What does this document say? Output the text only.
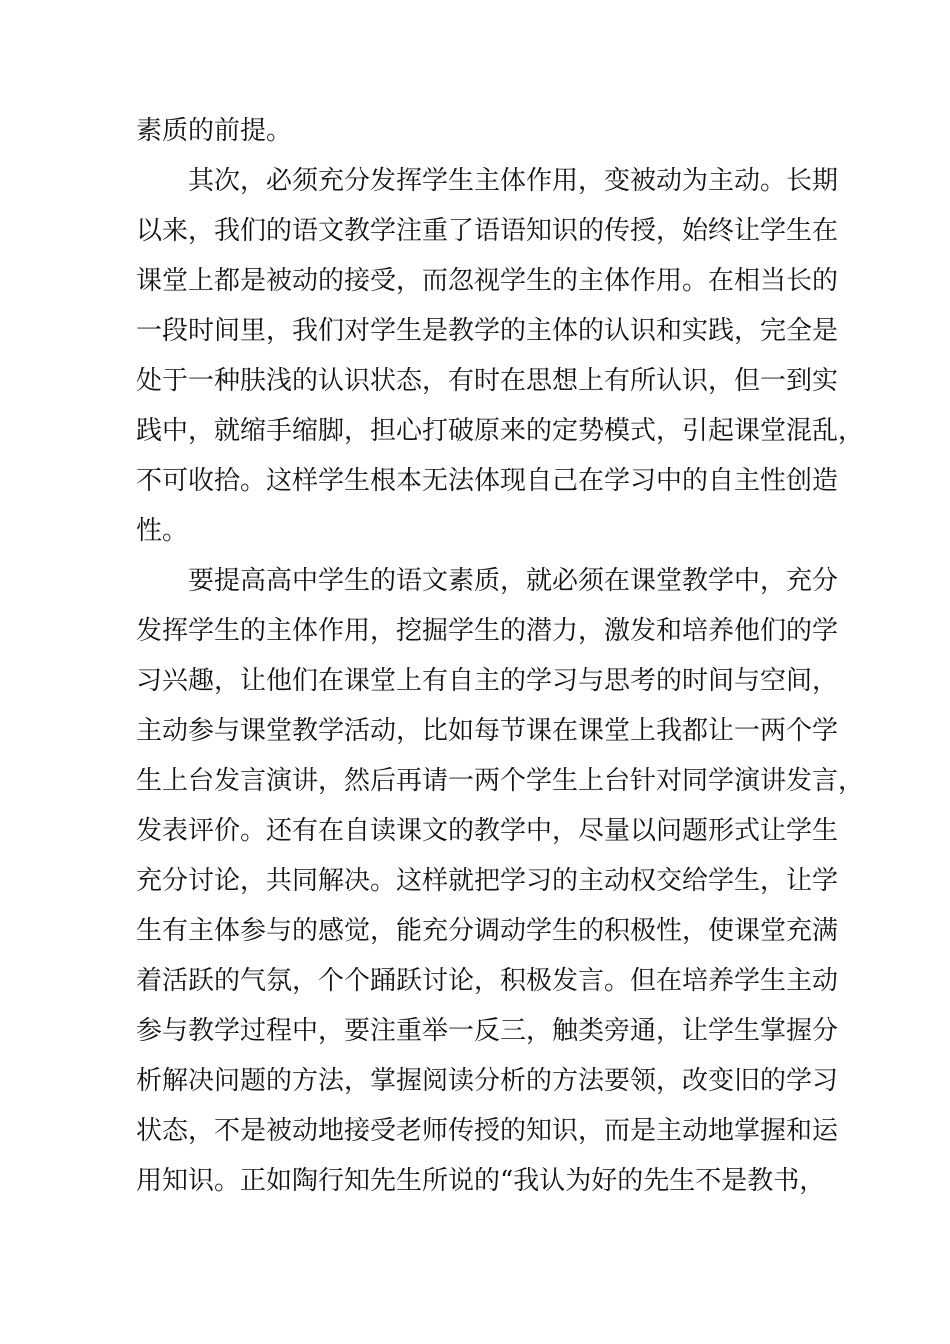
素质的前提。
其次，必须充分发挥学生主体作用，变被动为主动。长期
以来，我们的语文教学注重了语语知识的传授，始终让学生在
课堂上都是被动的接受，而忽视学生的主体作用。在相当长的
一段时间里，我们对学生是教学的主体的认识和实践，完全是
处于一种肤浅的认识状态，有时在思想上有所认识，但一到实
践中，就缩手缩脚，担心打破原来的定势模式，引起课堂混乱，
不可收拾。这样学生根本无法体现自己在学习中的自主性创造
性。
要提高高中学生的语文素质，就必须在课堂教学中，充分
发挥学生的主体作用，挖掘学生的潜力，激发和培养他们的学
习兴趣，让他们在课堂上有自主的学习与思考的时间与空间，
主动参与课堂教学活动，比如每节课在课堂上我都让一两个学
生上台发言演讲，然后再请一两个学生上台针对同学演讲发言，
发表评价。还有在自读课文的教学中，尽量以问题形式让学生
充分讨论，共同解决。这样就把学习的主动权交给学生，让学
生有主体参与的感觉，能充分调动学生的积极性，使课堂充满
着活跃的气氛，个个踊跃讨论，积极发言。但在培养学生主动
参与教学过程中，要注重举一反三，触类旁通，让学生掌握分
析解决问题的方法，掌握阅读分析的方法要领，改变旧的学习
状态，不是被动地接受老师传授的知识，而是主动地掌握和运
用知识。正如陶行知先生所说的“我认为好的先生不是教书，
